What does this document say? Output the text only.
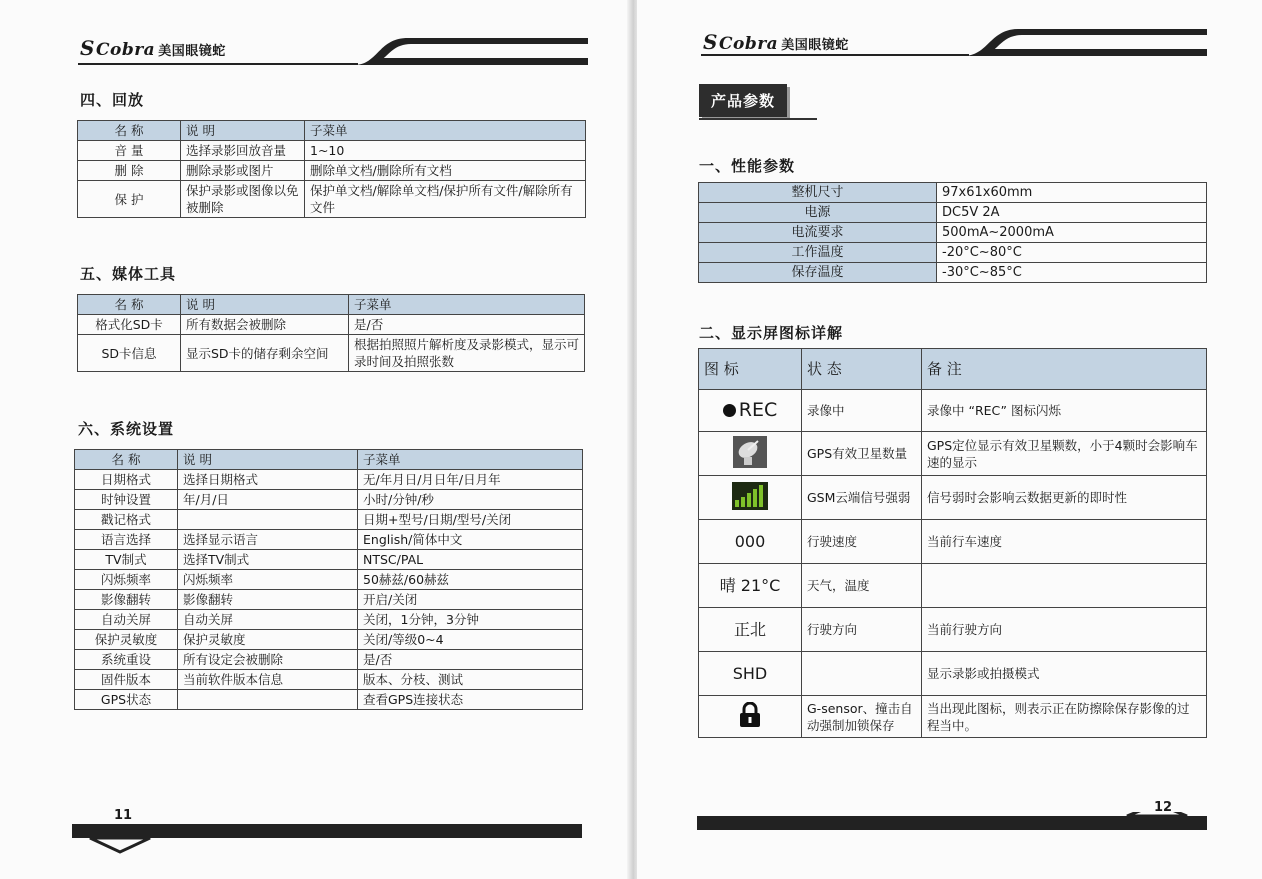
SCobra 美国眼镜蛇
四、回放
名 称	说 明	子菜单
音 量	选择录影回放音量	1~10
删 除	删除录影或图片	删除单文档/删除所有文档
保 护	保护录影或图像以免被删除	保护单文档/解除单文档/保护所有文件/解除所有文件
五、媒体工具
名 称	说 明	子菜单
格式化SD卡	所有数据会被删除	是/否
SD卡信息	显示SD卡的储存剩余空间	根据拍照照片解析度及录影模式，显示可录时间及拍照张数
六、系统设置
名 称	说 明	子菜单
日期格式	选择日期格式	无/年月日/月日年/日月年
时钟设置	年/月/日	小时/分钟/秒
戳记格式		日期+型号/日期/型号/关闭
语言选择	选择显示语言	English/简体中文
TV制式	选择TV制式	NTSC/PAL
闪烁频率	闪烁频率	50赫兹/60赫兹
影像翻转	影像翻转	开启/关闭
自动关屏	自动关屏	关闭，1分钟，3分钟
保护灵敏度	保护灵敏度	关闭/等级0~4
系统重设	所有设定会被删除	是/否
固件版本	当前软件版本信息	版本、分枝、测试
GPS状态		查看GPS连接状态
11
SCobra 美国眼镜蛇
产品参数
一、性能参数
整机尺寸	97x61x60mm
电源	DC5V 2A
电流要求	500mA~2000mA
工作温度	-20°C~80°C
保存温度	-30°C~85°C
二、显示屏图标详解
图 标	状 态	备 注
REC	录像中	录像中 “REC” 图标闪烁
	GPS有效卫星数量	GPS定位显示有效卫星颗数，小于4颗时会影响车速的显示
	GSM云端信号强弱	信号弱时会影响云数据更新的即时性
000	行驶速度	当前行车速度
晴 21°C	天气，温度	
正北	行驶方向	当前行驶方向
SHD		显示录影或拍摄模式
	G-sensor、撞击自动强制加锁保存	当出现此图标，则表示正在防擦除保存影像的过程当中。
12
